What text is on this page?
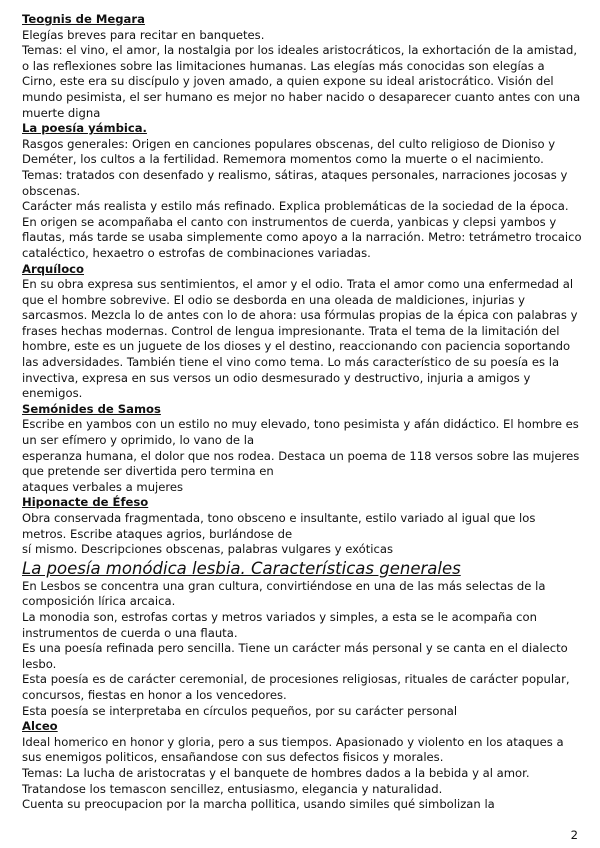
Teognis de Megara

Elegías breves para recitar en banquetes.

Temas: el vino, el amor, la nostalgia por los ideales aristocráticos, la exhortación de la amistad, o las reflexiones sobre las limitaciones humanas. Las elegías más conocidas son elegías a Cirno, este era su discípulo y joven amado, a quien expone su ideal aristocrático. Visión del mundo pesimista, el ser humano es mejor no haber nacido o desaparecer cuanto antes con una muerte digna

La poesía yámbica.

Rasgos generales: Origen en canciones populares obscenas, del culto religioso de Dioniso y Deméter, los cultos a la fertilidad. Rememora momentos como la muerte o el nacimiento.

Temas: tratados con desenfado y realismo, sátiras, ataques personales, narraciones jocosas y obscenas.

Carácter más realista y estilo más refinado. Explica problemáticas de la sociedad de la época. En origen se acompañaba el canto con instrumentos de cuerda, yanbicas y clepsi yambos y flautas, más tarde se usaba simplemente como apoyo a la narración. Metro: tetrámetro trocaico cataléctico, hexaetro o estrofas de combinaciones variadas.

Arquíloco

En su obra expresa sus sentimientos, el amor y el odio. Trata el amor como una enfermedad al que el hombre sobrevive. El odio se desborda en una oleada de maldiciones, injurias y sarcasmos. Mezcla lo de antes con lo de ahora: usa fórmulas propias de la épica con palabras y frases hechas modernas. Control de lengua impresionante. Trata el tema de la limitación del hombre, este es un juguete de los dioses y el destino, reaccionando con paciencia soportando las adversidades. También tiene el vino como tema. Lo más característico de su poesía es la invectiva, expresa en sus versos un odio desmesurado y destructivo, injuria a amigos y enemigos.

Semónides de Samos

Escribe en yambos con un estilo no muy elevado, tono pesimista y afán didáctico. El hombre es un ser efímero y oprimido, lo vano de la

esperanza humana, el dolor que nos rodea. Destaca un poema de 118 versos sobre las mujeres que pretende ser divertida pero termina en

ataques verbales a mujeres

Hiponacte de Éfeso

Obra conservada fragmentada, tono obsceno e insultante, estilo variado al igual que los metros. Escribe ataques agrios, burlándose de

sí mismo. Descripciones obscenas, palabras vulgares y exóticas

La poesía monódica lesbia. Características generales

En Lesbos se concentra una gran cultura, convirtiéndose en una de las más selectas de la composición lírica arcaica.

La monodia son, estrofas cortas y metros variados y simples, a esta se le acompaña con instrumentos de cuerda o una flauta.

Es una poesía refinada pero sencilla. Tiene un carácter más personal y se canta en el dialecto lesbo.

Esta poesía es de carácter ceremonial, de procesiones religiosas, rituales de carácter popular, concursos, fiestas en honor a los vencedores.

Esta poesía se interpretaba en círculos pequeños, por su carácter personal

Alceo

Ideal homerico en honor y gloria, pero a sus tiempos. Apasionado y violento en los ataques a sus enemigos politicos, ensañandose con sus defectos fisicos y morales.

Temas: La lucha de aristocratas y el banquete de hombres dados a la bebida y al amor. Tratandose los temascon sencillez, entusiasmo, elegancia y naturalidad.

Cuenta su preocupacion por la marcha pollitica, usando similes qué simbolizan la

2
